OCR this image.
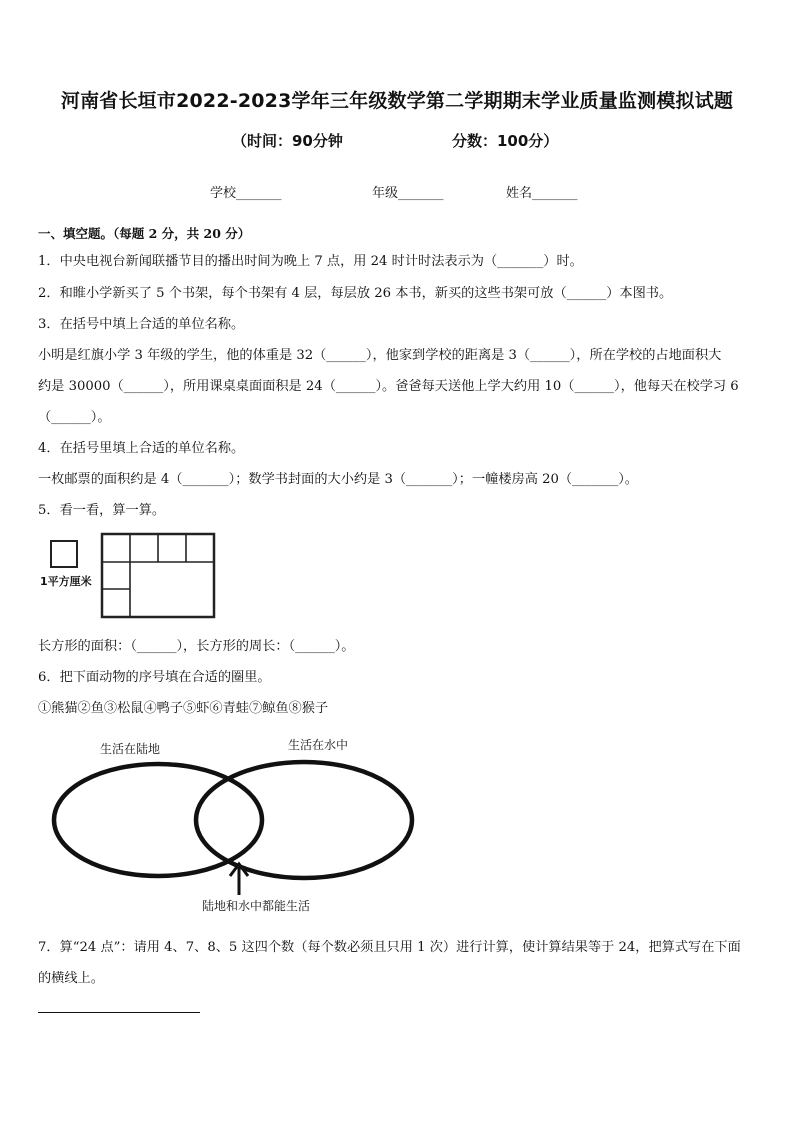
河南省长垣市2022-2023学年三年级数学第二学期期末学业质量监测模拟试题
（时间：90分钟	分数：100分）
学校_______	年级_______	姓名_______
一、填空题。（每题 2 分，共 20 分）
1．中央电视台新闻联播节目的播出时间为晚上 7 点，用 24 时计时法表示为（_______）时。
2．和睢小学新买了 5 个书架，每个书架有 4 层，每层放 26 本书，新买的这些书架可放（______）本图书。
3．在括号中填上合适的单位名称。
小明是红旗小学 3 年级的学生，他的体重是 32（______），他家到学校的距离是 3（______），所在学校的占地面积大
约是 30000（______），所用课桌桌面面积是 24（______）。爸爸每天送他上学大约用 10（______），他每天在校学习 6
（______）。
4．在括号里填上合适的单位名称。
一枚邮票的面积约是 4（_______）；数学书封面的大小约是 3（_______）；一幢楼房高 20（_______）。
5．看一看，算一算。
1平方厘米
长方形的面积：（______），长方形的周长：（______）。
6．把下面动物的序号填在合适的圈里。
①熊猫②鱼③松鼠④鸭子⑤虾⑥青蛙⑦鲸鱼⑧猴子
生活在陆地	生活在水中
陆地和水中都能生活
7．算“24 点”：请用 4、7、8、5 这四个数（每个数必须且只用 1 次）进行计算，使计算结果等于 24，把算式写在下面
的横线上。
